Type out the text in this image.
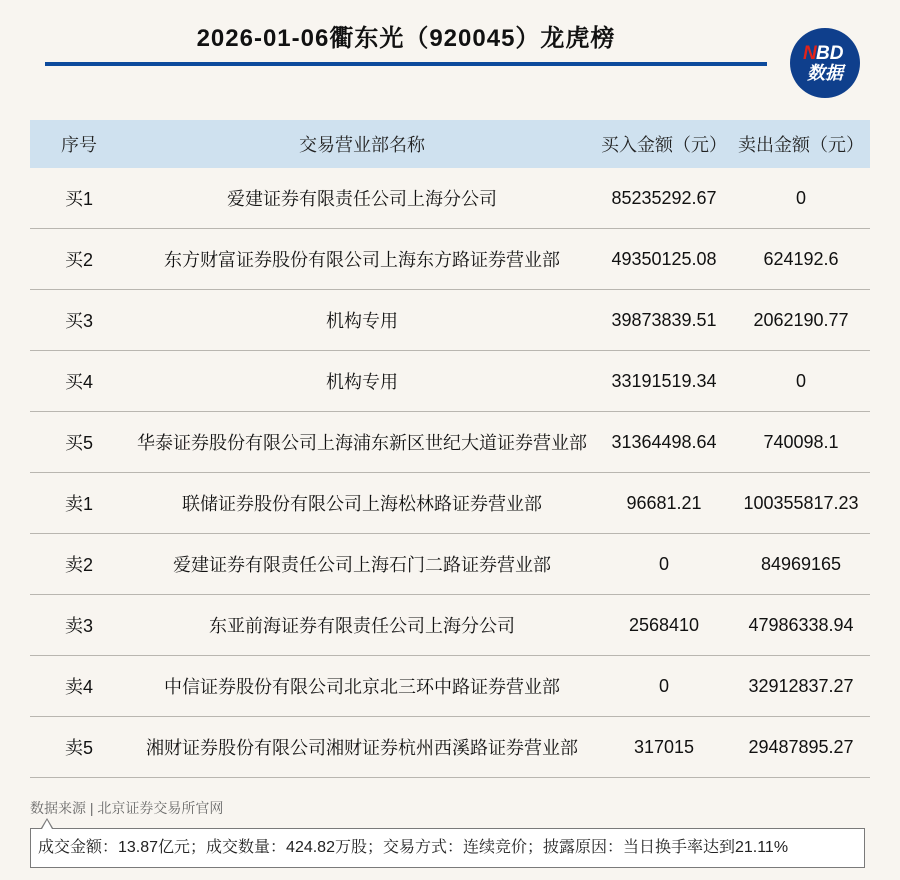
2026-01-06衢东光（920045）龙虎榜
N BD
数据
序号	交易营业部名称	买入金额（元）	卖出金额（元）
买1	爱建证券有限责任公司上海分公司	85235292.67	0
买2	东方财富证券股份有限公司上海东方路证券营业部	49350125.08	624192.6
买3	机构专用	39873839.51	2062190.77
买4	机构专用	33191519.34	0
买5	华泰证券股份有限公司上海浦东新区世纪大道证券营业部	31364498.64	740098.1
卖1	联储证券股份有限公司上海松林路证券营业部	96681.21	100355817.23
卖2	爱建证券有限责任公司上海石门二路证券营业部	0	84969165
卖3	东亚前海证券有限责任公司上海分公司	2568410	47986338.94
卖4	中信证券股份有限公司北京北三环中路证券营业部	0	32912837.27
卖5	湘财证券股份有限公司湘财证券杭州西溪路证券营业部	317015	29487895.27
数据来源 | 北京证券交易所官网
成交金额：13.87亿元；成交数量：424.82万股；交易方式：连续竞价；披露原因：当日换手率达到21.11%
